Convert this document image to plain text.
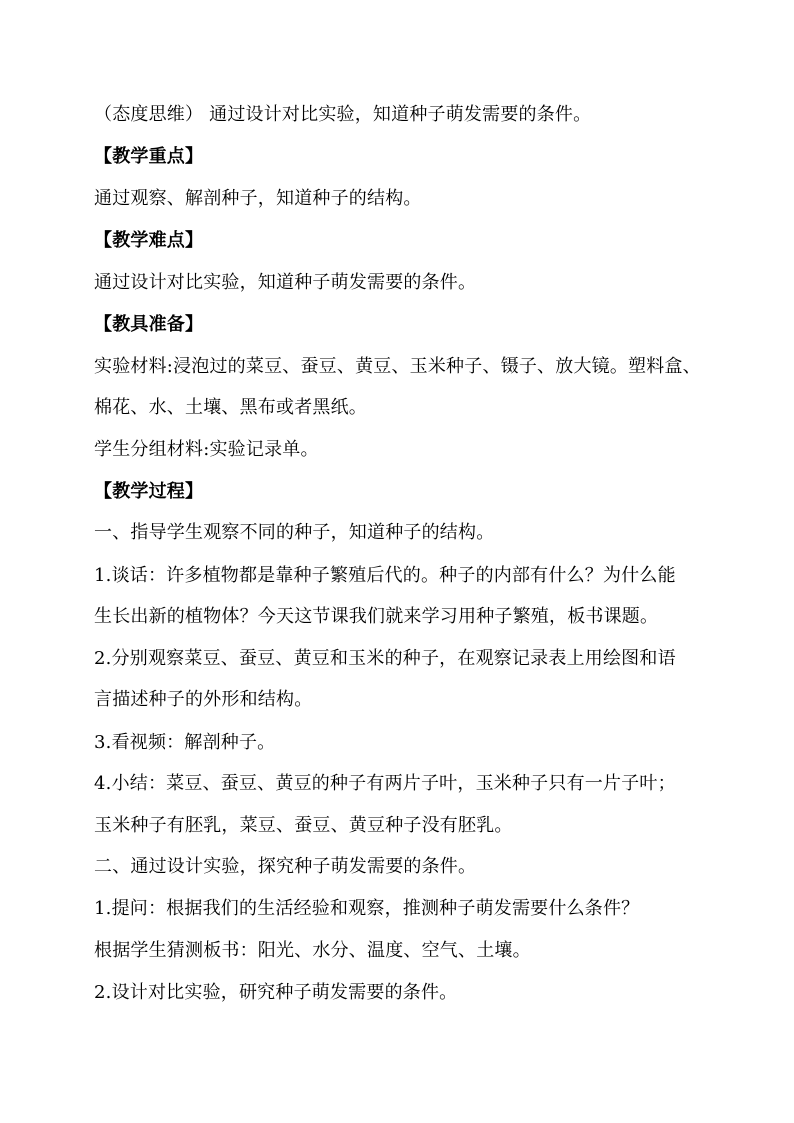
（态度思维） 通过设计对比实验，知道种子萌发需要的条件。
【教学重点】
通过观察、解剖种子，知道种子的结构。
【教学难点】
通过设计对比实验，知道种子萌发需要的条件。
【教具准备】
实验材料:浸泡过的菜豆、蚕豆、黄豆、玉米种子、镊子、放大镜。塑料盒、
棉花、水、土壤、黑布或者黑纸。
学生分组材料:实验记录单。
【教学过程】
一、指导学生观察不同的种子，知道种子的结构。
1.谈话：许多植物都是靠种子繁殖后代的。种子的内部有什么？为什么能
生长出新的植物体？今天这节课我们就来学习用种子繁殖，板书课题。
2.分别观察菜豆、蚕豆、黄豆和玉米的种子，在观察记录表上用绘图和语
言描述种子的外形和结构。
3.看视频：解剖种子。
4.小结：菜豆、蚕豆、黄豆的种子有两片子叶，玉米种子只有一片子叶；
玉米种子有胚乳，菜豆、蚕豆、黄豆种子没有胚乳。
二、通过设计实验，探究种子萌发需要的条件。
1.提问：根据我们的生活经验和观察，推测种子萌发需要什么条件？
根据学生猜测板书：阳光、水分、温度、空气、土壤。
2.设计对比实验，研究种子萌发需要的条件。
